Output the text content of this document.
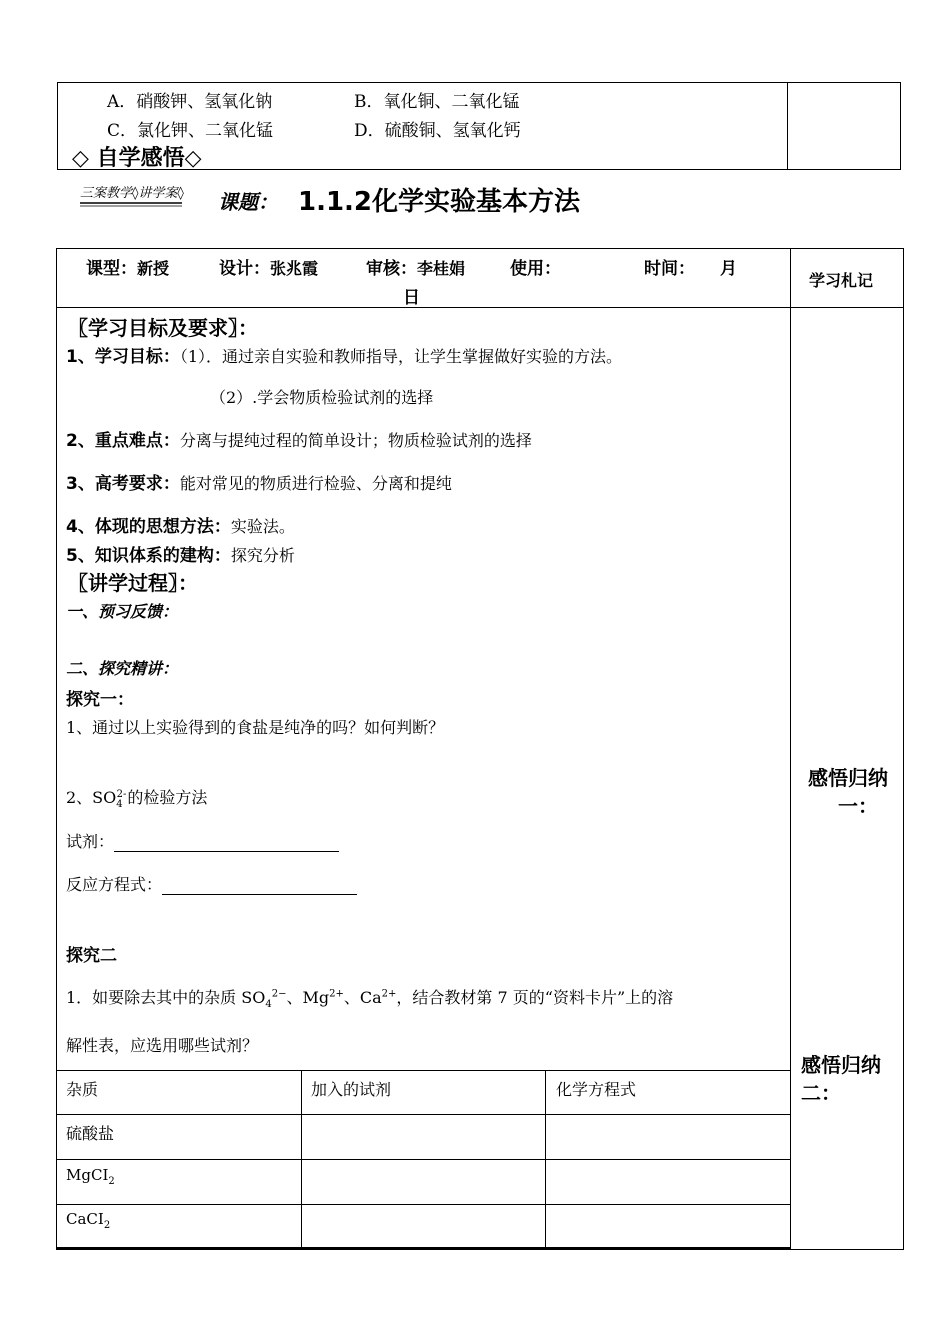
A．硝酸钾、氢氧化钠	B．氧化铜、二氧化锰
C．氯化钾、二氧化锰	D．硫酸铜、氢氧化钙
◇ 自学感悟◇
三案教学◊讲学案◊ 课题： 1.1.2化学实验基本方法
课型：新授	设计：张兆霞	审核：李桂娟	使用：	时间： 月
日
学习札记
〖学习目标及要求〗：
1、学习目标：（1）．通过亲自实验和教师指导，让学生掌握做好实验的方法。
（2）.学会物质检验试剂的选择
2、重点难点：分离与提纯过程的简单设计；物质检验试剂的选择
3、高考要求：能对常见的物质进行检验、分离和提纯
4、体现的思想方法：实验法。
5、知识体系的建构：探究分析
〖讲学过程〗：
一、预习反馈：
二、探究精讲：
探究一：
1、通过以上实验得到的食盐是纯净的吗？如何判断？
2、$SO_4^{2-}$的检验方法
试剂：
反应方程式：
探究二
1．如要除去其中的杂质 $SO_4^{2-}$、$Mg^{2+}$、$Ca^{2+}$，结合教材第 7 页的“资料卡片”上的溶
解性表，应选用哪些试剂？
感悟归纳
一：
感悟归纳
二：
杂质	加入的试剂	化学方程式
硫酸盐
MgCI$_2$
CaCI$_2$
